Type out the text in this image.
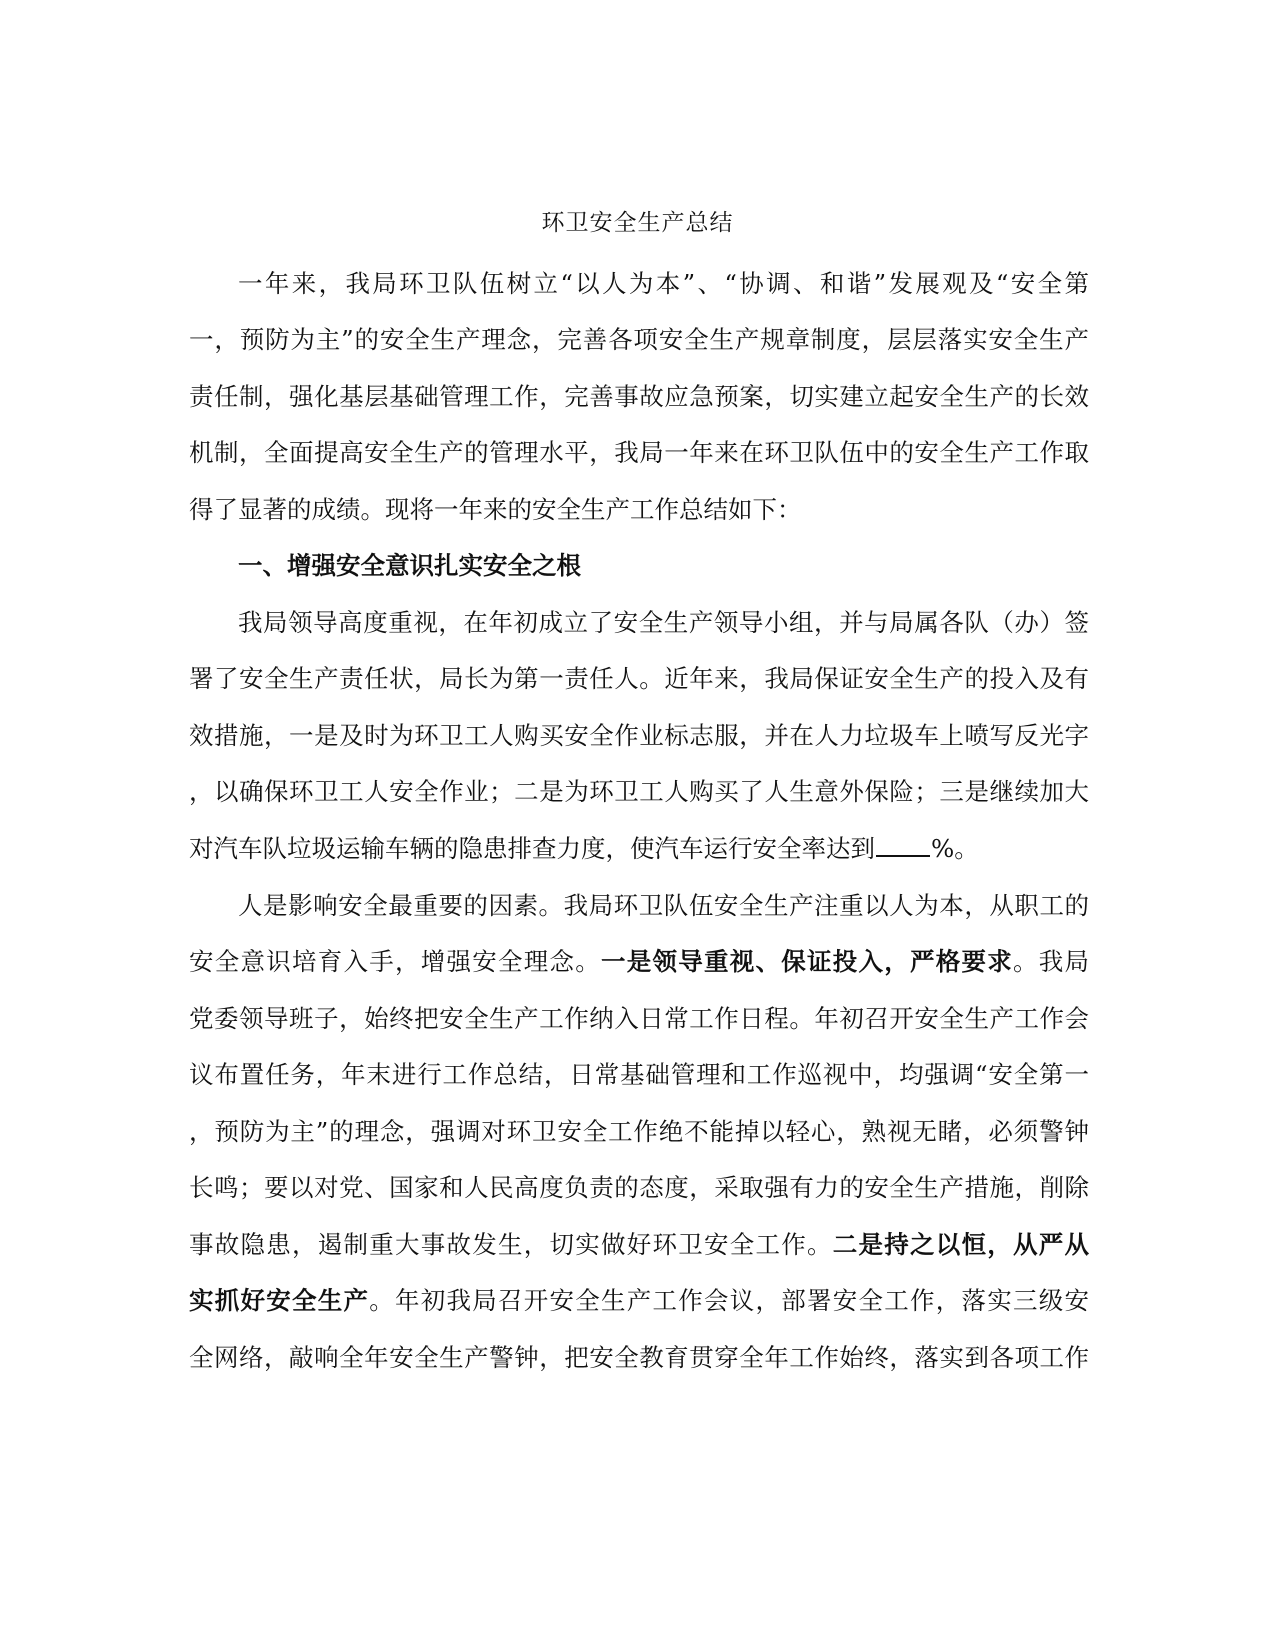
环卫安全生产总结
一年来，我局环卫队伍树立“以人为本”、“协调、和谐”发展观及“安全第
一，预防为主”的安全生产理念，完善各项安全生产规章制度，层层落实安全生产
责任制，强化基层基础管理工作，完善事故应急预案，切实建立起安全生产的长效
机制，全面提高安全生产的管理水平，我局一年来在环卫队伍中的安全生产工作取
得了显著的成绩。现将一年来的安全生产工作总结如下：
一、增强安全意识扎实安全之根
我局领导高度重视，在年初成立了安全生产领导小组，并与局属各队（办）签
署了安全生产责任状，局长为第一责任人。近年来，我局保证安全生产的投入及有
效措施，一是及时为环卫工人购买安全作业标志服，并在人力垃圾车上喷写反光字
，以确保环卫工人安全作业；二是为环卫工人购买了人生意外保险；三是继续加大
对汽车队垃圾运输车辆的隐患排查力度，使汽车运行安全率达到 %。
人是影响安全最重要的因素。我局环卫队伍安全生产注重以人为本，从职工的
安全意识培育入手，增强安全理念。一是领导重视、保证投入，严格要求。我局
党委领导班子，始终把安全生产工作纳入日常工作日程。年初召开安全生产工作会
议布置任务，年末进行工作总结，日常基础管理和工作巡视中，均强调“安全第一
，预防为主”的理念，强调对环卫安全工作绝不能掉以轻心，熟视无睹，必须警钟
长鸣；要以对党、国家和人民高度负责的态度，采取强有力的安全生产措施，削除
事故隐患，遏制重大事故发生，切实做好环卫安全工作。二是持之以恒，从严从
实抓好安全生产。年初我局召开安全生产工作会议，部署安全工作，落实三级安
全网络，敲响全年安全生产警钟，把安全教育贯穿全年工作始终，落实到各项工作
